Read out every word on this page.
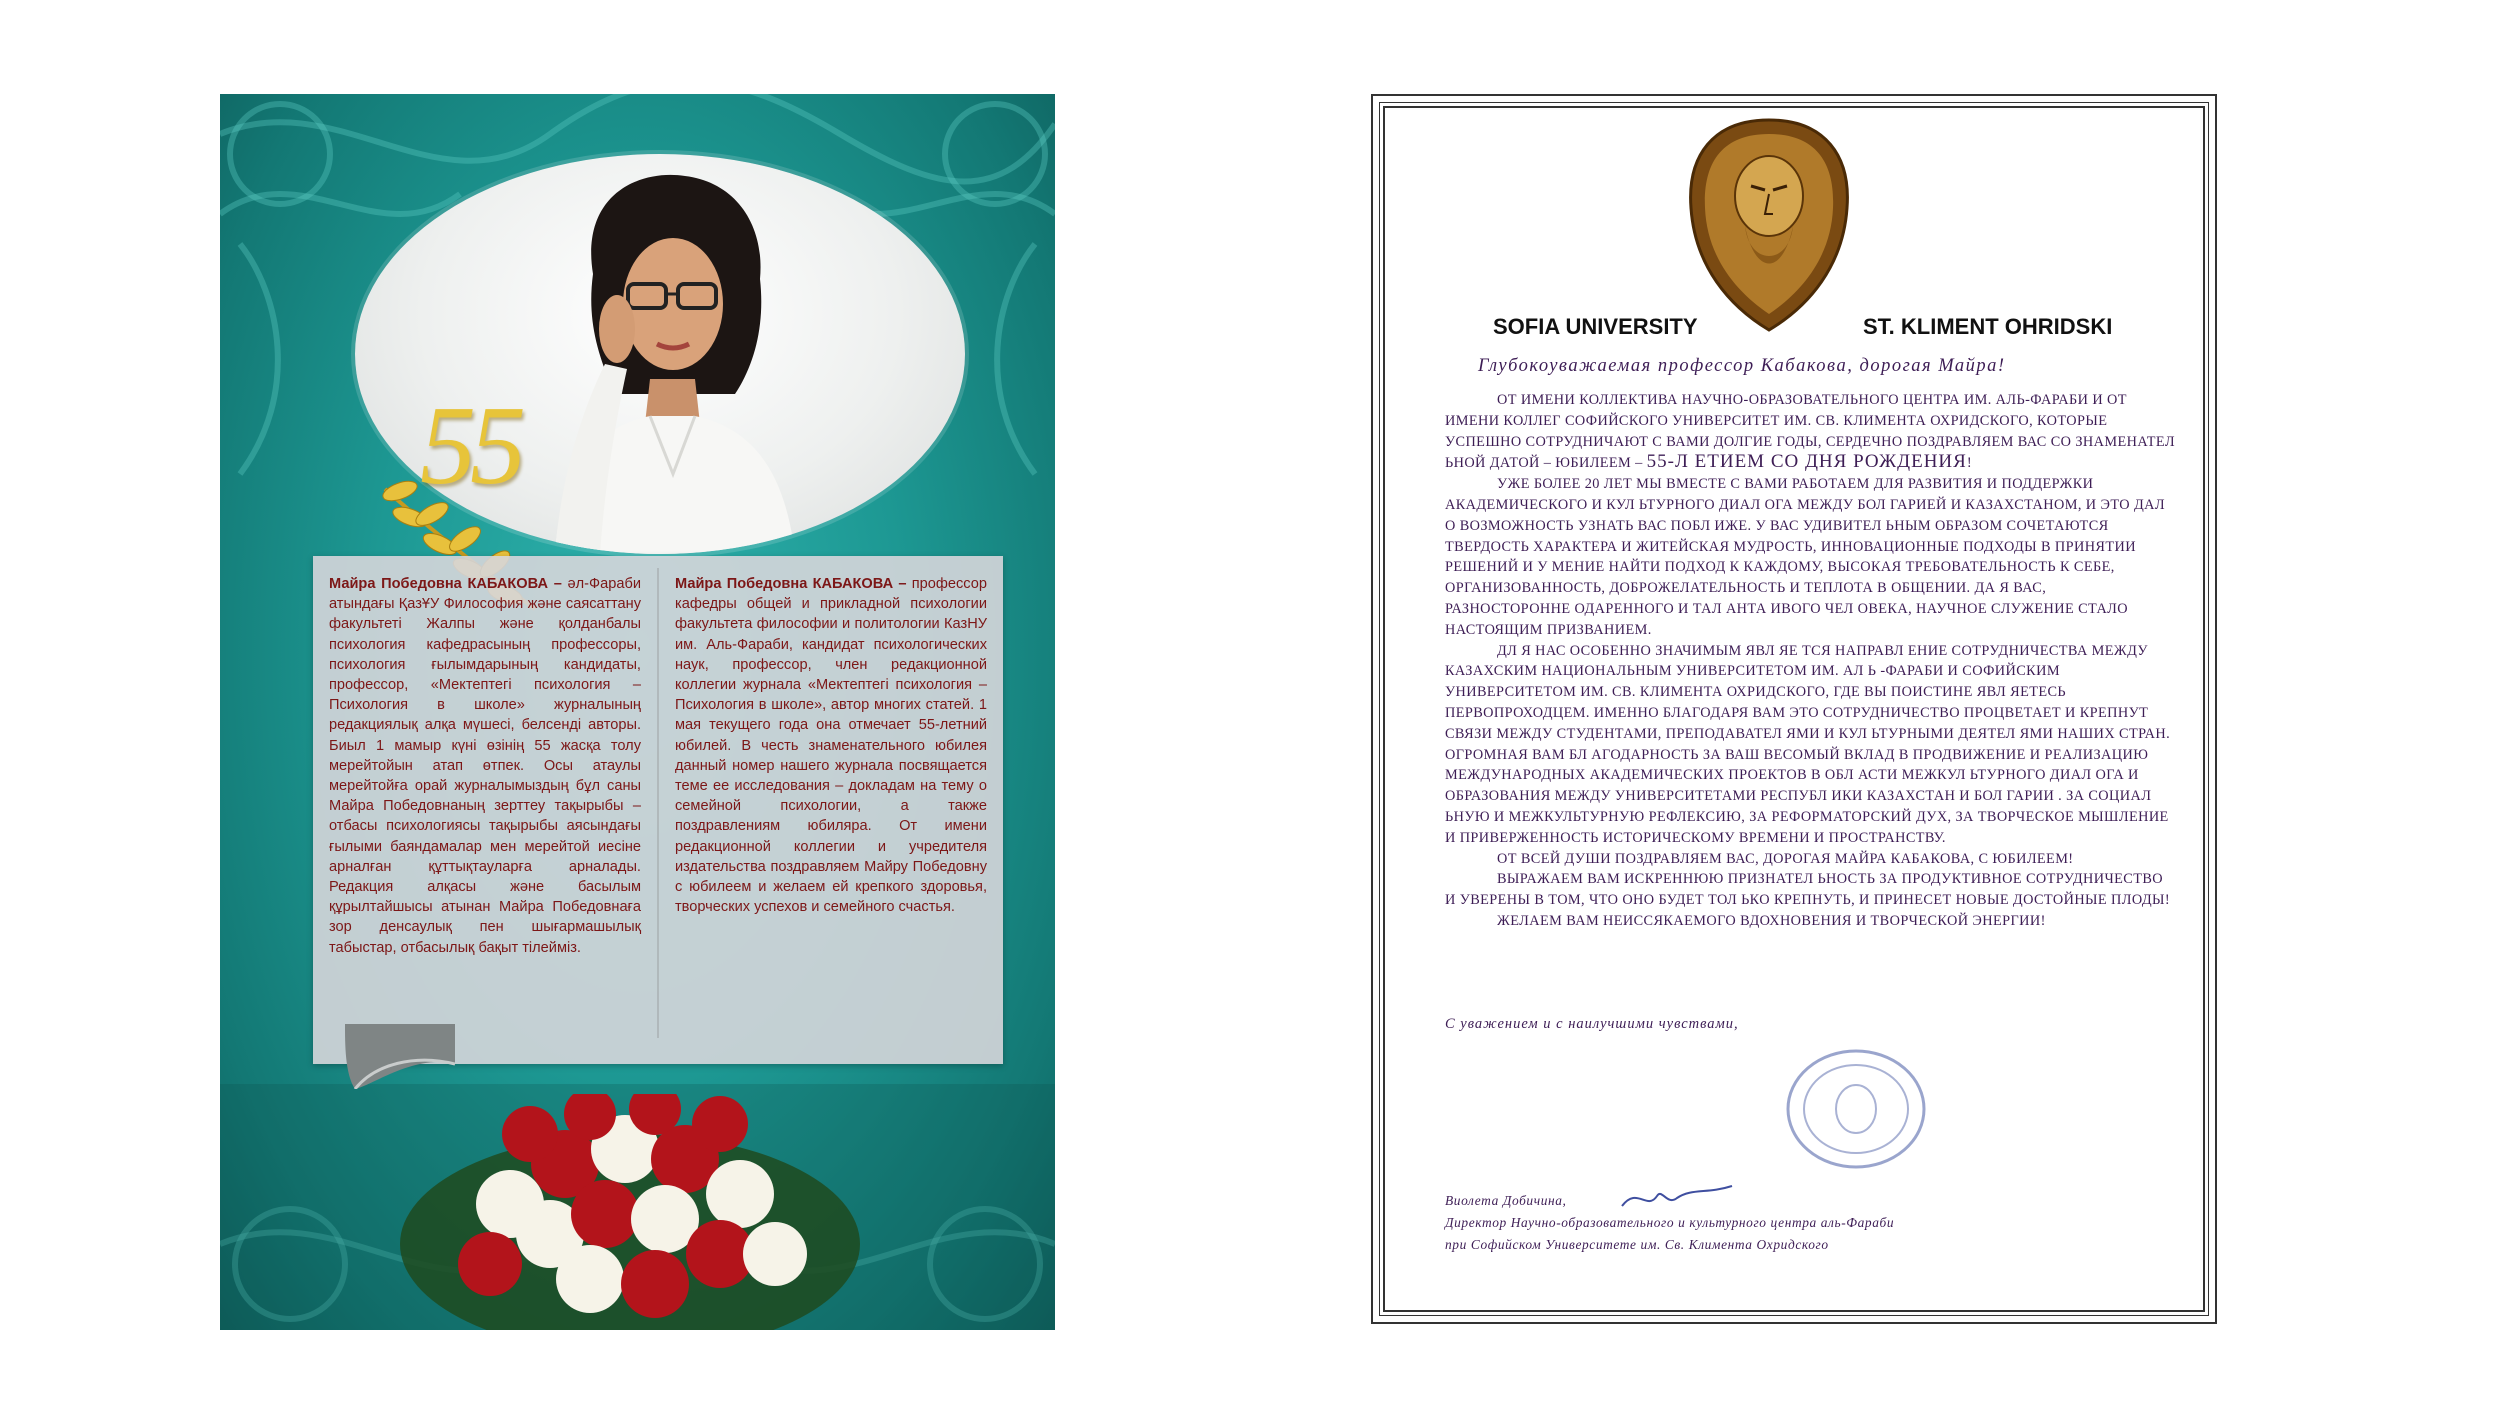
55
Майра Победовна КАБАКОВА – әл-Фараби атындағы ҚазҰУ Философия және саясаттану факультеті Жалпы және қолданбалы психология кафедрасының профессоры, психология ғылымдарының кандидаты, профессор, «Мектептегі психология – Психология в школе» журналының редакциялық алқа мүшесі, белсенді авторы. Биыл 1 мамыр күні өзінің 55 жасқа толу мерейтойын атап өтпек. Осы атаулы мерейтойға орай журналымыздың бұл саны Майра Победовнаның зерттеу тақырыбы – отбасы психологиясы тақырыбы аясындағы ғылыми баяндамалар мен мерейтой иесіне арналған құттықтауларға арналады. Редакция алқасы және басылым құрылтайшысы атынан Майра Победовнаға зор денсаулық пен шығармашылық табыстар, отбасылық бақыт тілейміз.
Майра Победовна КАБАКОВА – профессор кафедры общей и прикладной психологии факультета философии и политологии КазНУ им. Аль-Фараби, кандидат психологических наук, профессор, член редакционной коллегии журнала «Мектептегі психология – Психология в школе», автор многих статей. 1 мая текущего года она отмечает 55-летний юбилей. В честь знаменательного юбилея данный номер нашего журнала посвящается теме ее исследования – докладам на тему о семейной психологии, а также поздравлениям юбиляра. От имени редакционной коллегии и учредителя издательства поздравляем Майру Победовну с юбилеем и желаем ей крепкого здоровья, творческих успехов и семейного счастья.
SOFIA UNIVERSITY	ST. KLIMENT OHRIDSKI
Глубокоуважаемая профессор Кабакова, дорогая Майра!

ОТ ИМЕНИ КОЛЛЕКТИВА НАУЧНО-ОБРАЗОВАТЕЛЬНОГО ЦЕНТРА ИМ. АЛЬ-ФАРАБИ И ОТ ИМЕНИ КОЛЛЕГ СОФИЙСКОГО УНИВЕРСИТЕТ ИМ. СВ. КЛИМЕНТА ОХРИДСКОГО, КОТОРЫЕ УСПЕШНО СОТРУДНИЧАЮТ С ВАМИ ДОЛГИЕ ГОДЫ, СЕРДЕЧНО ПОЗДРАВЛЯЕМ ВАС СО ЗНАМЕНАТЕЛ ЬНОЙ ДАТОЙ – ЮБИЛЕЕМ – 55-Л ЕТИЕМ СО ДНЯ РОЖДЕНИЯ!

УЖЕ БОЛЕЕ 20 ЛЕТ МЫ ВМЕСТЕ С ВАМИ РАБОТАЕМ ДЛЯ РАЗВИТИЯ И ПОДДЕРЖКИ АКАДЕМИЧЕСКОГО И КУЛ ЬТУРНОГО ДИАЛ ОГА МЕЖДУ БОЛ ГАРИЕЙ И КАЗАХСТАНОМ, И ЭТО ДАЛ О ВОЗМОЖНОСТЬ УЗНАТЬ ВАС ПОБЛ ИЖЕ. У ВАС УДИВИТЕЛ ЬНЫМ ОБРАЗОМ СОЧЕТАЮТСЯ ТВЕРДОСТЬ ХАРАКТЕРА И ЖИТЕЙСКАЯ МУДРОСТЬ, ИННОВАЦИОННЫЕ ПОДХОДЫ В ПРИНЯТИИ РЕШЕНИЙ И У МЕНИЕ НАЙТИ ПОДХОД К КАЖДОМУ, ВЫСОКАЯ ТРЕБОВАТЕЛЬНОСТЬ К СЕБЕ, ОРГАНИЗОВАННОСТЬ, ДОБРОЖЕЛАТЕЛЬНОСТЬ И ТЕПЛОТА В ОБЩЕНИИ. ДА Я ВАС, РАЗНОСТОРОННЕ ОДАРЕННОГО И ТАЛ АНТА ИВОГО ЧЕЛ ОВЕКА, НАУЧНОЕ СЛУЖЕНИЕ СТАЛО НАСТОЯЩИМ ПРИЗВАНИЕМ.

ДЛ Я НАС ОСОБЕННО ЗНАЧИМЫМ ЯВЛ ЯЕ ТСЯ НАПРАВЛ ЕНИЕ СОТРУДНИЧЕСТВА МЕЖДУ КАЗАХСКИМ НАЦИОНАЛЬНЫМ УНИВЕРСИТЕТОМ ИМ. АЛ Ь -ФАРАБИ И СОФИЙСКИМ УНИВЕРСИТЕТОМ ИМ. СВ. КЛИМЕНТА ОХРИДСКОГО, ГДЕ ВЫ ПОИСТИНЕ ЯВЛ ЯЕТЕСЬ ПЕРВОПРОХОДЦЕМ. ИМЕННО БЛАГОДАРЯ ВАМ ЭТО СОТРУДНИЧЕСТВО ПРОЦВЕТАЕТ И КРЕПНУТ СВЯЗИ МЕЖДУ СТУДЕНТАМИ, ПРЕПОДАВАТЕЛ ЯМИ И КУЛ ЬТУРНЫМИ ДЕЯТЕЛ ЯМИ НАШИХ СТРАН. ОГРОМНАЯ ВАМ БЛ АГОДАРНОСТЬ ЗА ВАШ ВЕСОМЫЙ ВКЛАД В ПРОДВИЖЕНИЕ И РЕАЛИЗАЦИЮ МЕЖДУНАРОДНЫХ АКАДЕМИЧЕСКИХ ПРОЕКТОВ В ОБЛ АСТИ МЕЖКУЛ ЬТУРНОГО ДИАЛ ОГА И ОБРАЗОВАНИЯ МЕЖДУ УНИВЕРСИТЕТАМИ РЕСПУБЛ ИКИ КАЗАХСТАН И БОЛ ГАРИИ . ЗА СОЦИАЛ ЬНУЮ И МЕЖКУЛЬТУРНУЮ РЕФЛЕКСИЮ, ЗА РЕФОРМАТОРСКИЙ ДУХ, ЗА ТВОРЧЕСКОЕ МЫШЛЕНИЕ И ПРИВЕРЖЕННОСТЬ ИСТОРИЧЕСКОМУ ВРЕМЕНИ И ПРОСТРАНСТВУ.

ОТ ВСЕЙ ДУШИ ПОЗДРАВЛЯЕМ ВАС, ДОРОГАЯ МАЙРА КАБАКОВА, С ЮБИЛЕЕМ!

ВЫРАЖАЕМ ВАМ ИСКРЕННЮЮ ПРИЗНАТЕЛ ЬНОСТЬ ЗА ПРОДУКТИВНОЕ СОТРУДНИЧЕСТВО И УВЕРЕНЫ В ТОМ, ЧТО ОНО БУДЕТ ТОЛ ЬКО КРЕПНУТЬ, И ПРИНЕСЕТ НОВЫЕ ДОСТОЙНЫЕ ПЛОДЫ!

ЖЕЛАЕМ ВАМ НЕИССЯКАЕМОГО ВДОХНОВЕНИЯ И ТВОРЧЕСКОЙ ЭНЕРГИИ!

С уважением и с наилучшими чувствами,
Виолета Добичина,
Директор Научно-образовательного и культурного центра аль-Фараби
при Софийском Университете им. Св. Климента Охридского
